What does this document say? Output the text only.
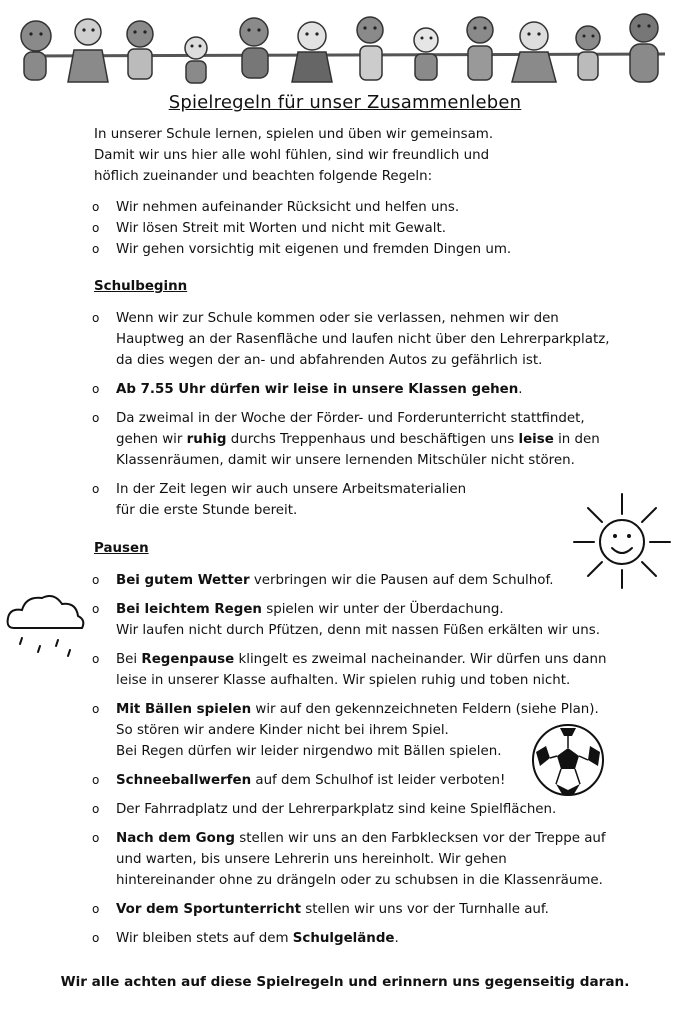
Spielregeln für unser Zusammenleben

In unserer Schule lernen, spielen und üben wir gemeinsam.

Damit wir uns hier alle wohl fühlen, sind wir freundlich und

höflich zueinander und beachten folgende Regeln:

o Wir nehmen aufeinander Rücksicht und helfen uns.
o Wir lösen Streit mit Worten und nicht mit Gewalt.
o Wir gehen vorsichtig mit eigenen und fremden Dingen um.
Schulbeginn
o Wenn wir zur Schule kommen oder sie verlassen, nehmen wir den
Hauptweg an der Rasenfläche und laufen nicht über den Lehrerparkplatz,
da dies wegen der an- und abfahrenden Autos zu gefährlich ist.
o Ab 7.55 Uhr dürfen wir leise in unsere Klassen gehen.
o Da zweimal in der Woche der Förder- und Forderunterricht stattfindet,
gehen wir ruhig durchs Treppenhaus und beschäftigen uns leise in den
Klassenräumen, damit wir unsere lernenden Mitschüler nicht stören.
o In der Zeit legen wir auch unsere Arbeitsmaterialien
für die erste Stunde bereit.
Pausen
o Bei gutem Wetter verbringen wir die Pausen auf dem Schulhof.
o Bei leichtem Regen spielen wir unter der Überdachung.
Wir laufen nicht durch Pfützen, denn mit nassen Füßen erkälten wir uns.
o Bei Regenpause klingelt es zweimal nacheinander. Wir dürfen uns dann
leise in unserer Klasse aufhalten. Wir spielen ruhig und toben nicht.
o Mit Bällen spielen wir auf den gekennzeichneten Feldern (siehe Plan).
So stören wir andere Kinder nicht bei ihrem Spiel.
Bei Regen dürfen wir leider nirgendwo mit Bällen spielen.
o Schneeballwerfen auf dem Schulhof ist leider verboten!
o Der Fahrradplatz und der Lehrerparkplatz sind keine Spielflächen.
o Nach dem Gong stellen wir uns an den Farbklecksen vor der Treppe auf
und warten, bis unsere Lehrerin uns hereinholt. Wir gehen
hintereinander ohne zu drängeln oder zu schubsen in die Klassenräume.
o Vor dem Sportunterricht stellen wir uns vor der Turnhalle auf.
o Wir bleiben stets auf dem Schulgelände.
Wir alle achten auf diese Spielregeln und erinnern uns gegenseitig daran.
